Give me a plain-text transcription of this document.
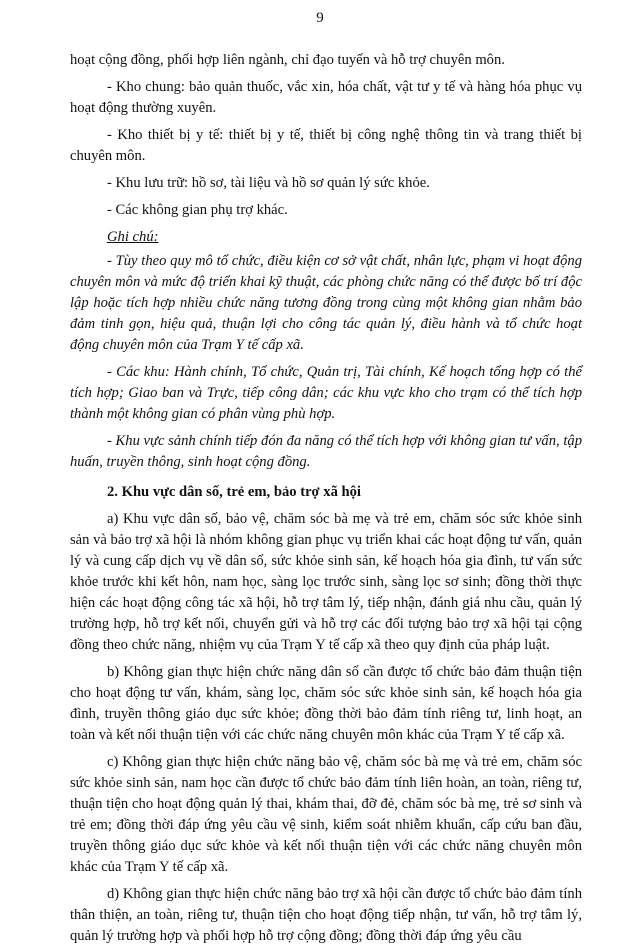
9

hoạt cộng đồng, phối hợp liên ngành, chỉ đạo tuyến và hỗ trợ chuyên môn.

- Kho chung: bảo quản thuốc, vắc xin, hóa chất, vật tư y tế và hàng hóa phục vụ hoạt động thường xuyên.

- Kho thiết bị y tế: thiết bị y tế, thiết bị công nghệ thông tin và trang thiết bị chuyên môn.

- Khu lưu trữ: hồ sơ, tài liệu và hồ sơ quản lý sức khỏe.

- Các không gian phụ trợ khác.

Ghi chú:

- Tùy theo quy mô tổ chức, điều kiện cơ sở vật chất, nhân lực, phạm vi hoạt động chuyên môn và mức độ triển khai kỹ thuật, các phòng chức năng có thể được bố trí độc lập hoặc tích hợp nhiều chức năng tương đồng trong cùng một không gian nhằm bảo đảm tinh gọn, hiệu quả, thuận lợi cho công tác quản lý, điều hành và tổ chức hoạt động chuyên môn của Trạm Y tế cấp xã.

- Các khu: Hành chính, Tổ chức, Quản trị, Tài chính, Kế hoạch tổng hợp có thể tích hợp; Giao ban và Trực, tiếp công dân; các khu vực kho cho trạm có thể tích hợp thành một không gian có phân vùng phù hợp.

- Khu vực sảnh chính tiếp đón đa năng có thể tích hợp với không gian tư vấn, tập huấn, truyền thông, sinh hoạt cộng đồng.

2. Khu vực dân số, trẻ em, bảo trợ xã hội

a) Khu vực dân số, bảo vệ, chăm sóc bà mẹ và trẻ em, chăm sóc sức khỏe sinh sản và bảo trợ xã hội là nhóm không gian phục vụ triển khai các hoạt động tư vấn, quản lý và cung cấp dịch vụ về dân số, sức khỏe sinh sản, kế hoạch hóa gia đình, tư vấn sức khỏe trước khi kết hôn, nam học, sàng lọc trước sinh, sàng lọc sơ sinh; đồng thời thực hiện các hoạt động công tác xã hội, hỗ trợ tâm lý, tiếp nhận, đánh giá nhu cầu, quản lý trường hợp, hỗ trợ kết nối, chuyển gửi và hỗ trợ các đối tượng bảo trợ xã hội tại cộng đồng theo chức năng, nhiệm vụ của Trạm Y tế cấp xã theo quy định của pháp luật.

b) Không gian thực hiện chức năng dân số cần được tổ chức bảo đảm thuận tiện cho hoạt động tư vấn, khám, sàng lọc, chăm sóc sức khỏe sinh sản, kế hoạch hóa gia đình, truyền thông giáo dục sức khỏe; đồng thời bảo đảm tính riêng tư, linh hoạt, an toàn và kết nối thuận tiện với các chức năng chuyên môn khác của Trạm Y tế cấp xã.

c) Không gian thực hiện chức năng bảo vệ, chăm sóc bà mẹ và trẻ em, chăm sóc sức khỏe sinh sản, nam học cần được tổ chức bảo đảm tính liên hoàn, an toàn, riêng tư, thuận tiện cho hoạt động quản lý thai, khám thai, đỡ đẻ, chăm sóc bà mẹ, trẻ sơ sinh và trẻ em; đồng thời đáp ứng yêu cầu vệ sinh, kiểm soát nhiễm khuẩn, cấp cứu ban đầu, truyền thông giáo dục sức khỏe và kết nối thuận tiện với các chức năng chuyên môn khác của Trạm Y tế cấp xã.

d) Không gian thực hiện chức năng bảo trợ xã hội cần được tổ chức bảo đảm tính thân thiện, an toàn, riêng tư, thuận tiện cho hoạt động tiếp nhận, tư vấn, hỗ trợ tâm lý, quản lý trường hợp và phối hợp hỗ trợ cộng đồng; đồng thời đáp ứng yêu cầu
